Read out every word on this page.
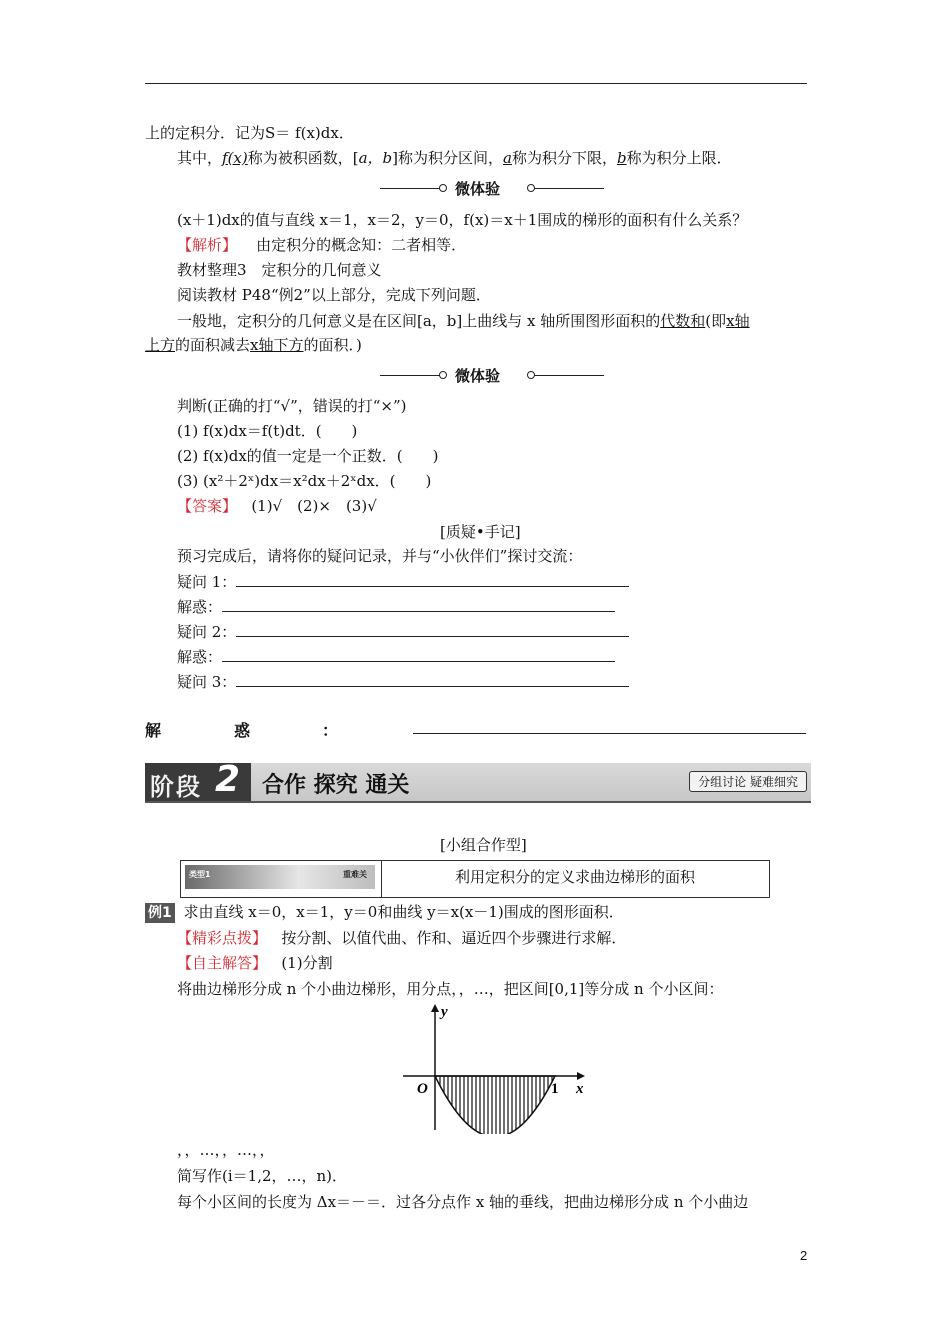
上的定积分．记为S＝ f(x)dx．
其中，f(x)称为被积函数，[a，b]称为积分区间，a称为积分下限，b称为积分上限．
微体验
(x＋1)dx的值与直线 x＝1，x＝2，y＝0，f(x)＝x＋1围成的梯形的面积有什么关系？
【解析】 由定积分的概念知：二者相等．
教材整理3　定积分的几何意义
阅读教材 P48“例2”以上部分，完成下列问题．
一般地，定积分的几何意义是在区间[a，b]上曲线与 x 轴所围图形面积的代数和(即x轴
上方的面积减去x轴下方的面积．)
微体验
判断(正确的打“√”，错误的打“×”)
(1) f(x)dx＝f(t)dt．(　　)
(2) f(x)dx的值一定是一个正数．(　　)
(3) (x²＋2ˣ)dx＝x²dx＋2ˣdx．(　　)
【答案】 (1)√　(2)×　(3)√
[质疑•手记]
预习完成后，请将你的疑问记录，并与“小伙伴们”探讨交流：
疑问 1：
解惑：
疑问 2：
解惑：
疑问 3：
解	惑	：
阶段 2 合作 探究 通关	分组讨论 疑难细究
[小组合作型]
类型1	重难关	利用定积分的定义求曲边梯形的面积
例1 求由直线 x＝0，x＝1，y＝0和曲线 y＝x(x－1)围成的图形面积．
【精彩点拨】 按分割、以值代曲、作和、逼近四个步骤进行求解．
【自主解答】 (1)分割
将曲边梯形分成 n 个小曲边梯形，用分点，，…，把区间[0,1]等分成 n 个小区间：
y
x
O	1
，，…，，…，，
简写作(i＝1,2，…，n)．
每个小区间的长度为 Δx＝－＝．过各分点作 x 轴的垂线，把曲边梯形分成 n 个小曲边
2
